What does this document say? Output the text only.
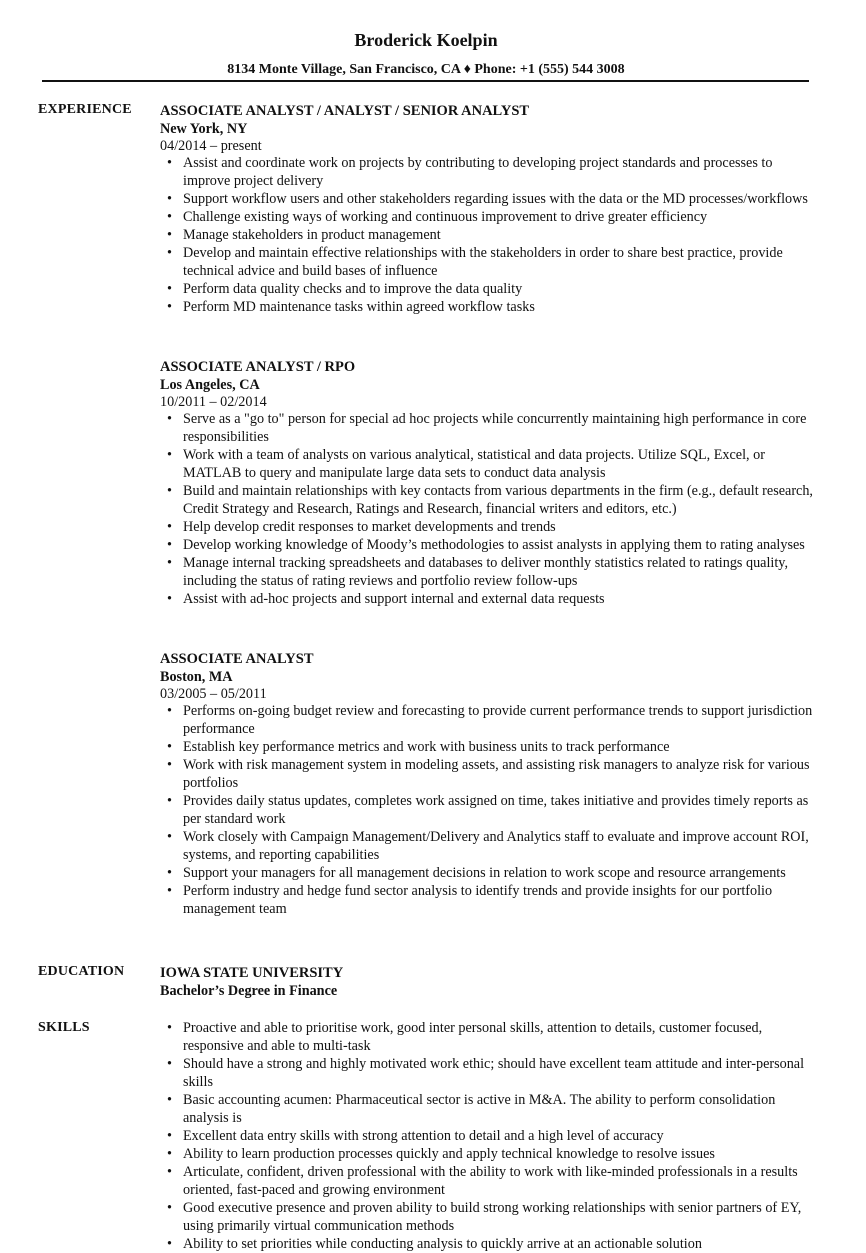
Broderick Koelpin
8134 Monte Village, San Francisco, CA ♦ Phone: +1 (555) 544 3008
EXPERIENCE ASSOCIATE ANALYST / ANALYST / SENIOR ANALYST
New York, NY
04/2014 – present
• Assist and coordinate work on projects by contributing to developing project standards and processes to improve project delivery
• Support workflow users and other stakeholders regarding issues with the data or the MD processes/workflows
• Challenge existing ways of working and continuous improvement to drive greater efficiency
• Manage stakeholders in product management
• Develop and maintain effective relationships with the stakeholders in order to share best practice, provide technical advice and build bases of influence
• Perform data quality checks and to improve the data quality
• Perform MD maintenance tasks within agreed workflow tasks
ASSOCIATE ANALYST / RPO
Los Angeles, CA
10/2011 – 02/2014
• Serve as a "go to" person for special ad hoc projects while concurrently maintaining high performance in core responsibilities
• Work with a team of analysts on various analytical, statistical and data projects. Utilize SQL, Excel, or MATLAB to query and manipulate large data sets to conduct data analysis
• Build and maintain relationships with key contacts from various departments in the firm (e.g., default research, Credit Strategy and Research, Ratings and Research, financial writers and editors, etc.)
• Help develop credit responses to market developments and trends
• Develop working knowledge of Moody’s methodologies to assist analysts in applying them to rating analyses
• Manage internal tracking spreadsheets and databases to deliver monthly statistics related to ratings quality, including the status of rating reviews and portfolio review follow-ups
• Assist with ad-hoc projects and support internal and external data requests
ASSOCIATE ANALYST
Boston, MA
03/2005 – 05/2011
• Performs on-going budget review and forecasting to provide current performance trends to support jurisdiction performance
• Establish key performance metrics and work with business units to track performance
• Work with risk management system in modeling assets, and assisting risk managers to analyze risk for various portfolios
• Provides daily status updates, completes work assigned on time, takes initiative and provides timely reports as per standard work
• Work closely with Campaign Management/Delivery and Analytics staff to evaluate and improve account ROI, systems, and reporting capabilities
• Support your managers for all management decisions in relation to work scope and resource arrangements
• Perform industry and hedge fund sector analysis to identify trends and provide insights for our portfolio management team
EDUCATION IOWA STATE UNIVERSITY
Bachelor’s Degree in Finance
SKILLS
•	Proactive and able to prioritise work, good inter personal skills, attention to details, customer focused, responsive and able to multi-task
• Should have a strong and highly motivated work ethic; should have excellent team attitude and inter-personal skills
• Basic accounting acumen: Pharmaceutical sector is active in M&A. The ability to perform consolidation analysis is
• Excellent data entry skills with strong attention to detail and a high level of accuracy
• Ability to learn production processes quickly and apply technical knowledge to resolve issues
• Articulate, confident, driven professional with the ability to work with like-minded professionals in a results oriented, fast-paced and growing environment
• Good executive presence and proven ability to build strong working relationships with senior partners of EY, using primarily virtual communication methods
• Ability to set priorities while conducting analysis to quickly arrive at an actionable solution
